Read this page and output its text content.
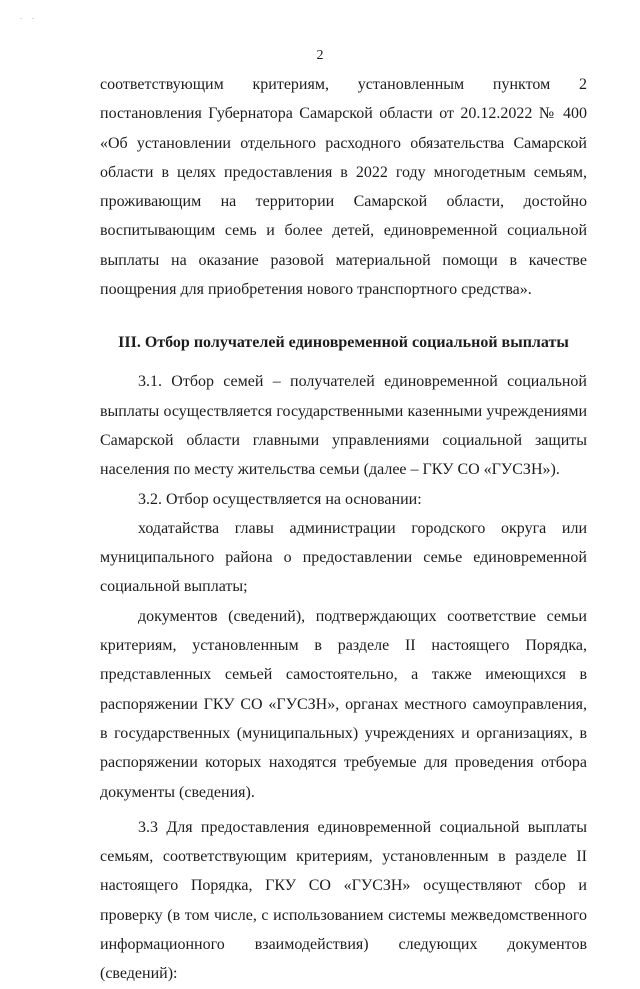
. .
2

соответствующим критериям, установленным пунктом 2 постановления Губернатора Самарской области от 20.12.2022 № 400 «Об установлении отдельного расходного обязательства Самарской области в целях предоставления в 2022 году многодетным семьям, проживающим на территории Самарской области, достойно воспитывающим семь и более детей, единовременной социальной выплаты на оказание разовой материальной помощи в качестве поощрения для приобретения нового транспортного средства».

III. Отбор получателей единовременной социальной выплаты

3.1. Отбор семей – получателей единовременной социальной выплаты осуществляется государственными казенными учреждениями Самарской области главными управлениями социальной защиты населения по месту жительства семьи (далее – ГКУ СО «ГУСЗН»).

3.2. Отбор осуществляется на основании:

ходатайства главы администрации городского округа или муниципального района о предоставлении семье единовременной социальной выплаты;

документов (сведений), подтверждающих соответствие семьи критериям, установленным в разделе II настоящего Порядка, представленных семьей самостоятельно, а также имеющихся в распоряжении ГКУ СО «ГУСЗН», органах местного самоуправления, в государственных (муниципальных) учреждениях и организациях, в распоряжении которых находятся требуемые для проведения отбора документы (сведения).

3.3 Для предоставления единовременной социальной выплаты семьям, соответствующим критериям, установленным в разделе II настоящего Порядка, ГКУ СО «ГУСЗН» осуществляют сбор и проверку (в том числе, с использованием системы межведомственного информационного взаимодействия) следующих документов (сведений):
